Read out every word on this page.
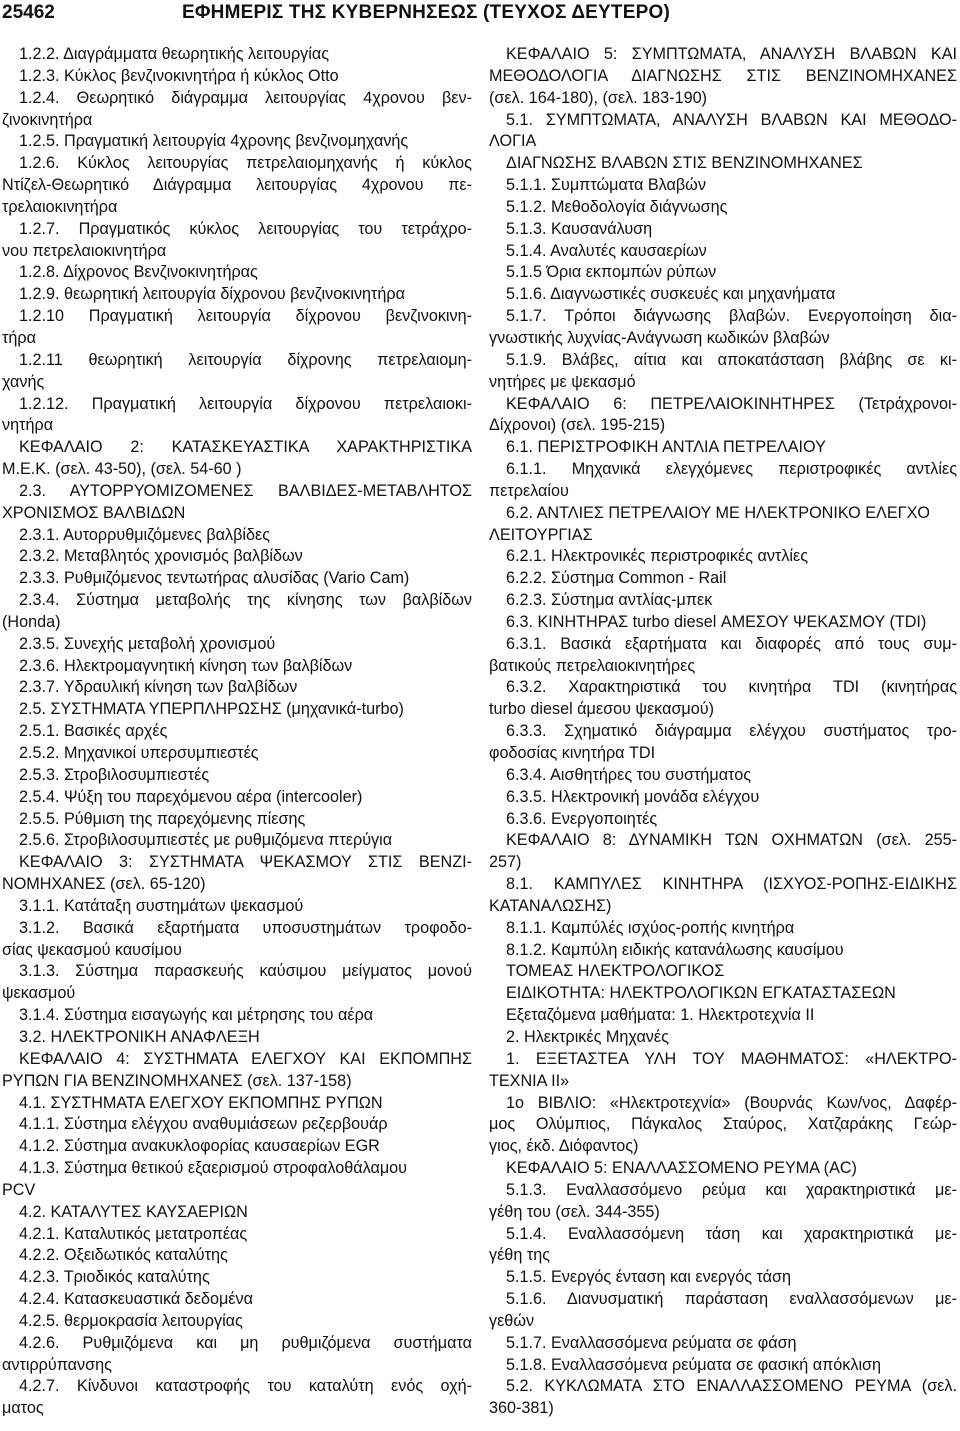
25462	ΕΦΗΜΕΡΙΣ ΤΗΣ ΚΥΒΕΡΝΗΣΕΩΣ (ΤΕΥΧΟΣ ΔΕΥΤΕΡΟ)
1.2.2. Διαγράμματα θεωρητικής λειτουργίας
1.2.3. Κύκλος βενζινοκινητήρα ή κύκλος Otto
1.2.4. Θεωρητικό διάγραμμα λειτουργίας 4χρονου βεν-
ζινοκινητήρα
1.2.5. Πραγματική λειτουργία 4χρονης βενζινομηχανής
1.2.6. Κύκλος λειτουργίας πετρελαιομηχανής ή κύκλος
Ντίζελ-Θεωρητικό Διάγραμμα λειτουργίας 4χρονου πε-
τρελαιοκινητήρα
1.2.7. Πραγματικός κύκλος λειτουργίας του τετράχρο-
νου πετρελαιοκινητήρα
1.2.8. Δίχρονος Βενζινοκινητήρας
1.2.9. θεωρητική λειτουργία δίχρονου βενζινοκινητήρα
1.2.10 Πραγματική λειτουργία δίχρονου βενζινοκινη-
τήρα
1.2.11 θεωρητική λειτουργία δίχρονης πετρελαιομη-
χανής
1.2.12. Πραγματική λειτουργία δίχρονου πετρελαιοκι-
νητήρα
ΚΕΦΑΛΑΙΟ 2: ΚΑΤΑΣΚΕΥΑΣΤΙΚΑ ΧΑΡΑΚΤΗΡΙΣΤΙΚΑ
Μ.Ε.Κ. (σελ. 43-50), (σελ. 54-60 )
2.3. ΑΥΤΟΡΡΥΟΜΙΖΟΜΕΝΕΣ ΒΑΛΒΙΔΕΣ-ΜΕΤΑΒΛΗΤΟΣ
ΧΡΟΝΙΣΜΟΣ ΒΑΛΒΙΔΩΝ
2.3.1. Αυτορρυθμιζόμενες βαλβίδες
2.3.2. Μεταβλητός χρονισμός βαλβίδων
2.3.3. Ρυθμιζόμενος τεντωτήρας αλυσίδας (Vario Cam)
2.3.4. Σύστημα μεταβολής της κίνησης των βαλβίδων
(Honda)
2.3.5. Συνεχής μεταβολή χρονισμού
2.3.6. Ηλεκτρομαγνητική κίνηση των βαλβίδων
2.3.7. Υδραυλική κίνηση των βαλβίδων
2.5. ΣΥΣΤΗΜΑΤΑ ΥΠΕΡΠΛΗΡΩΣΗΣ (μηχανικά-turbo)
2.5.1. Βασικές αρχές
2.5.2. Μηχανικοί υπερσυμπιεστές
2.5.3. Στροβιλοσυμπιεστές
2.5.4. Ψύξη του παρεχόμενου αέρα (intercooler)
2.5.5. Ρύθμιση της παρεχόμενης πίεσης
2.5.6. Στροβιλοσυμπιεστές με ρυθμιζόμενα πτερύγια
ΚΕΦΑΛΑΙΟ 3: ΣΥΣΤΗΜΑΤΑ ΨΕΚΑΣΜΟΥ ΣΤΙΣ ΒΕΝΖΙ-
ΝΟΜΗΧΑΝΕΣ (σελ. 65-120)
3.1.1. Κατάταξη συστημάτων ψεκασμού
3.1.2. Βασικά εξαρτήματα υποσυστημάτων τροφοδο-
σίας ψεκασμού καυσίμου
3.1.3. Σύστημα παρασκευής καύσιμου μείγματος μονού
ψεκασμού
3.1.4. Σύστημα εισαγωγής και μέτρησης του αέρα
3.2. ΗΛΕΚΤΡΟΝΙΚΗ ΑΝΑΦΛΕΞΗ
ΚΕΦΑΛΑΙΟ 4: ΣΥΣΤΗΜΑΤΑ ΕΛΕΓΧΟΥ ΚΑΙ ΕΚΠΟΜΠΗΣ
ΡΥΠΩΝ ΓΙΑ ΒΕΝΖΙΝΟΜΗΧΑΝΕΣ (σελ. 137-158)
4.1. ΣΥΣΤΗΜΑΤΑ ΕΛΕΓΧΟΥ ΕΚΠΟΜΠΗΣ ΡΥΠΩΝ
4.1.1. Σύστημα ελέγχου αναθυμιάσεων ρεζερβουάρ
4.1.2. Σύστημα ανακυκλοφορίας καυσαερίων EGR
4.1.3. Σύστημα θετικού εξαερισμού στροφαλοθάλαμου
PCV
4.2. ΚΑΤΑΛΥΤΕΣ ΚΑΥΣΑΕΡΙΩΝ
4.2.1. Καταλυτικός μετατροπέας
4.2.2. Οξειδωτικός καταλύτης
4.2.3. Τριοδικός καταλύτης
4.2.4. Κατασκευαστικά δεδομένα
4.2.5. θερμοκρασία λειτουργίας
4.2.6. Ρυθμιζόμενα και μη ρυθμιζόμενα συστήματα
αντιρρύπανσης
4.2.7. Κίνδυνοι καταστροφής του καταλύτη ενός οχή-
ματος
ΚΕΦΑΛΑΙΟ 5: ΣΥΜΠΤΩΜΑΤΑ, ΑΝΑΛΥΣΗ ΒΛΑΒΩΝ ΚΑΙ
ΜΕΘΟΔΟΛΟΓΙΑ ΔΙΑΓΝΩΣΗΣ ΣΤΙΣ ΒΕΝΖΙΝΟΜΗΧΑΝΕΣ
(σελ. 164-180), (σελ. 183-190)
5.1. ΣΥΜΠΤΩΜΑΤΑ, ΑΝΑΛΥΣΗ ΒΛΑΒΩΝ ΚΑΙ ΜΕΘΟΔΟ-
ΛΟΓΙΑ
ΔΙΑΓΝΩΣΗΣ ΒΛΑΒΩΝ ΣΤΙΣ ΒΕΝΖΙΝΟΜΗΧΑΝΕΣ
5.1.1. Συμπτώματα Βλαβών
5.1.2. Μεθοδολογία διάγνωσης
5.1.3. Καυσανάλυση
5.1.4. Αναλυτές καυσαερίων
5.1.5 Όρια εκπομπών ρύπων
5.1.6. Διαγνωστικές συσκευές και μηχανήματα
5.1.7. Τρόποι διάγνωσης βλαβών. Ενεργοποίηση δια-
γνωστικής λυχνίας-Ανάγνωση κωδικών βλαβών
5.1.9. Βλάβες, αίτια και αποκατάσταση βλάβης σε κι-
νητήρες με ψεκασμό
ΚΕΦΑΛΑΙΟ 6: ΠΕΤΡΕΛΑΙΟΚΙΝΗΤΗΡΕΣ (Τετράχρονοι-
Δίχρονοι) (σελ. 195-215)
6.1. ΠΕΡΙΣΤΡΟΦΙΚΗ ΑΝΤΛΙΑ ΠΕΤΡΕΛΑΙΟΥ
6.1.1. Μηχανικά ελεγχόμενες περιστροφικές αντλίες
πετρελαίου
6.2. ΑΝΤΛΙΕΣ ΠΕΤΡΕΛΑΙΟΥ ΜΕ ΗΛΕΚΤΡΟΝΙΚΟ ΕΛΕΓΧΟ
ΛΕΙΤΟΥΡΓΙΑΣ
6.2.1. Ηλεκτρονικές περιστροφικές αντλίες
6.2.2. Σύστημα Common - Rail
6.2.3. Σύστημα αντλίας-μπεκ
6.3. ΚΙΝΗΤΗΡΑΣ turbo diesel ΑΜΕΣΟΥ ΨΕΚΑΣΜΟΥ (TDI)
6.3.1. Βασικά εξαρτήματα και διαφορές από τους συμ-
βατικούς πετρελαιοκινητήρες
6.3.2. Χαρακτηριστικά του κινητήρα TDI (κινητήρας
turbo diesel άμεσου ψεκασμού)
6.3.3. Σχηματικό διάγραμμα ελέγχου συστήματος τρο-
φοδοσίας κινητήρα TDI
6.3.4. Αισθητήρες του συστήματος
6.3.5. Ηλεκτρονική μονάδα ελέγχου
6.3.6. Ενεργοποιητές
ΚΕΦΑΛΑΙΟ 8: ΔΥΝΑΜΙΚΗ ΤΩΝ ΟΧΗΜΑΤΩΝ (σελ. 255-
257)
8.1. ΚΑΜΠΥΛΕΣ ΚΙΝΗΤΗΡΑ (ΙΣΧΥΟΣ-ΡΟΠΗΣ-ΕΙΔΙΚΗΣ
ΚΑΤΑΝΑΛΩΣΗΣ)
8.1.1. Καμπύλές ισχύος-ροπής κινητήρα
8.1.2. Καμπύλη ειδικής κατανάλωσης καυσίμου
ΤΟΜΕΑΣ ΗΛΕΚΤΡΟΛΟΓΙΚΟΣ
ΕΙΔΙΚΟΤΗΤΑ: ΗΛΕΚΤΡΟΛΟΓΙΚΩΝ ΕΓΚΑΤΑΣΤΑΣΕΩΝ
Εξεταζόμενα μαθήματα: 1. Ηλεκτροτεχνία ΙΙ
2. Ηλεκτρικές Μηχανές
1. ΕΞΕΤΑΣΤΕΑ ΥΛΗ ΤΟΥ ΜΑΘΗΜΑΤΟΣ: «ΗΛΕΚΤΡΟ-
ΤΕΧΝΙΑ ΙΙ»
1ο ΒΙΒΛΙΟ: «Ηλεκτροτεχνία» (Βουρνάς Κων/νος, Δαφέρ-
μος Ολύμπιος, Πάγκαλος Σταύρος, Χατζαράκης Γεώρ-
γιος, έκδ. Διόφαντος)
ΚΕΦΑΛΑΙΟ 5: ΕΝΑΛΛΑΣΣΟΜΕΝΟ ΡΕΥΜΑ (AC)
5.1.3. Εναλλασσόμενο ρεύμα και χαρακτηριστικά με-
γέθη του (σελ. 344-355)
5.1.4. Εναλλασσόμενη τάση και χαρακτηριστικά με-
γέθη της
5.1.5. Ενεργός ένταση και ενεργός τάση
5.1.6. Διανυσματική παράσταση εναλλασσόμενων με-
γεθών
5.1.7. Εναλλασσόμενα ρεύματα σε φάση
5.1.8. Εναλλασσόμενα ρεύματα σε φασική απόκλιση
5.2. ΚΥΚΛΩΜΑΤΑ ΣΤΟ ΕΝΑΛΛΑΣΣΟΜΕΝΟ ΡΕΥΜΑ (σελ.
360-381)
